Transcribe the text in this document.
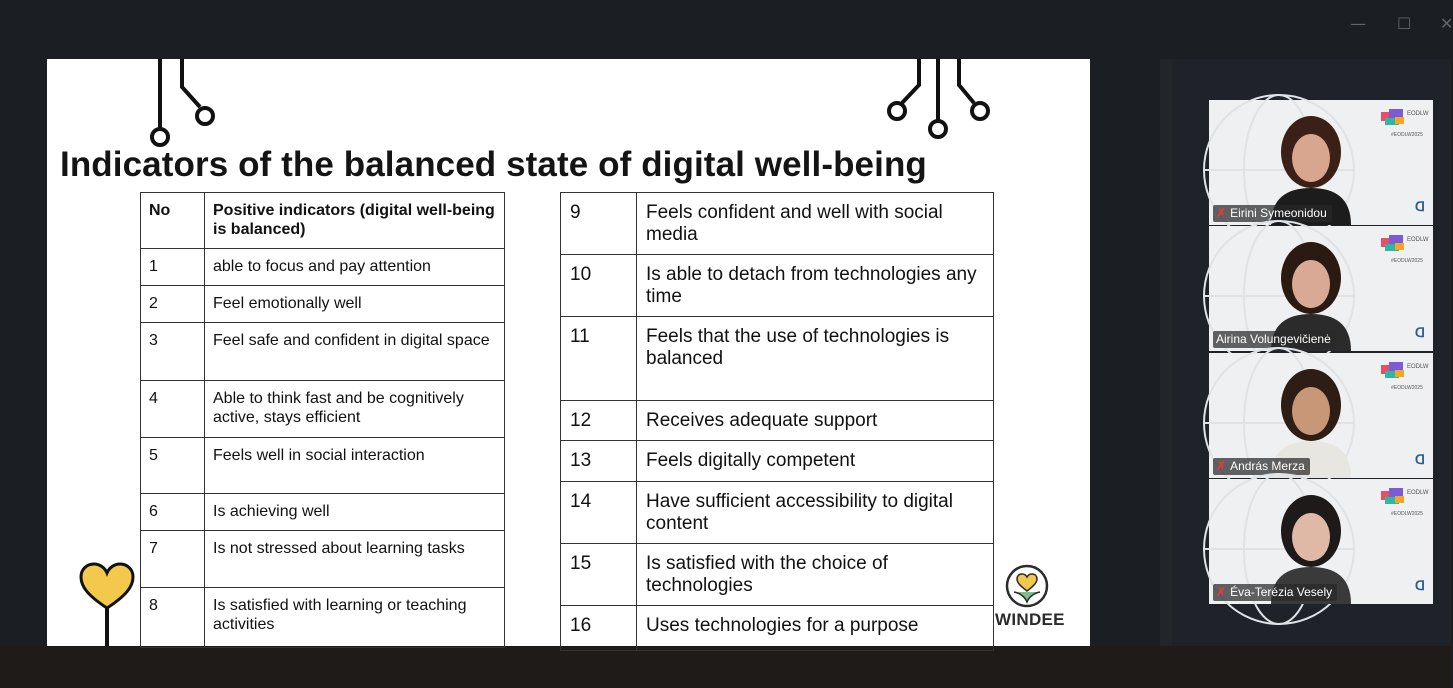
— ☐ ✕
Indicators of the balanced state of digital well-being
No	Positive indicators (digital well-being is balanced)
1	able to focus and pay attention
2	Feel emotionally well
3	Feel safe and confident in digital space
4	Able to think fast and be cognitively active, stays efficient
5	Feels well in social interaction
6	Is achieving well
7	Is not stressed about learning tasks
8	Is satisfied with learning or teaching activities
9	Feels confident and well with social media
10	Is able to detach from technologies any time
11	Feels that the use of technologies is balanced
12	Receives adequate support
13	Feels digitally competent
14	Have sufficient accessibility to digital content
15	Is satisfied with the choice of technologies
16	Uses technologies for a purpose	WINDEE
EODLW
#EODLW2025
✗ Eirini Symeonidou	ᗡ
EODLW
#EODLW2025
Airina Volungevičienė	ᗡ
EODLW
#EODLW2025
✗ András Merza	ᗡ
EODLW
#EODLW2025
✗ Éva-Terézia Vesely	ᗡ
